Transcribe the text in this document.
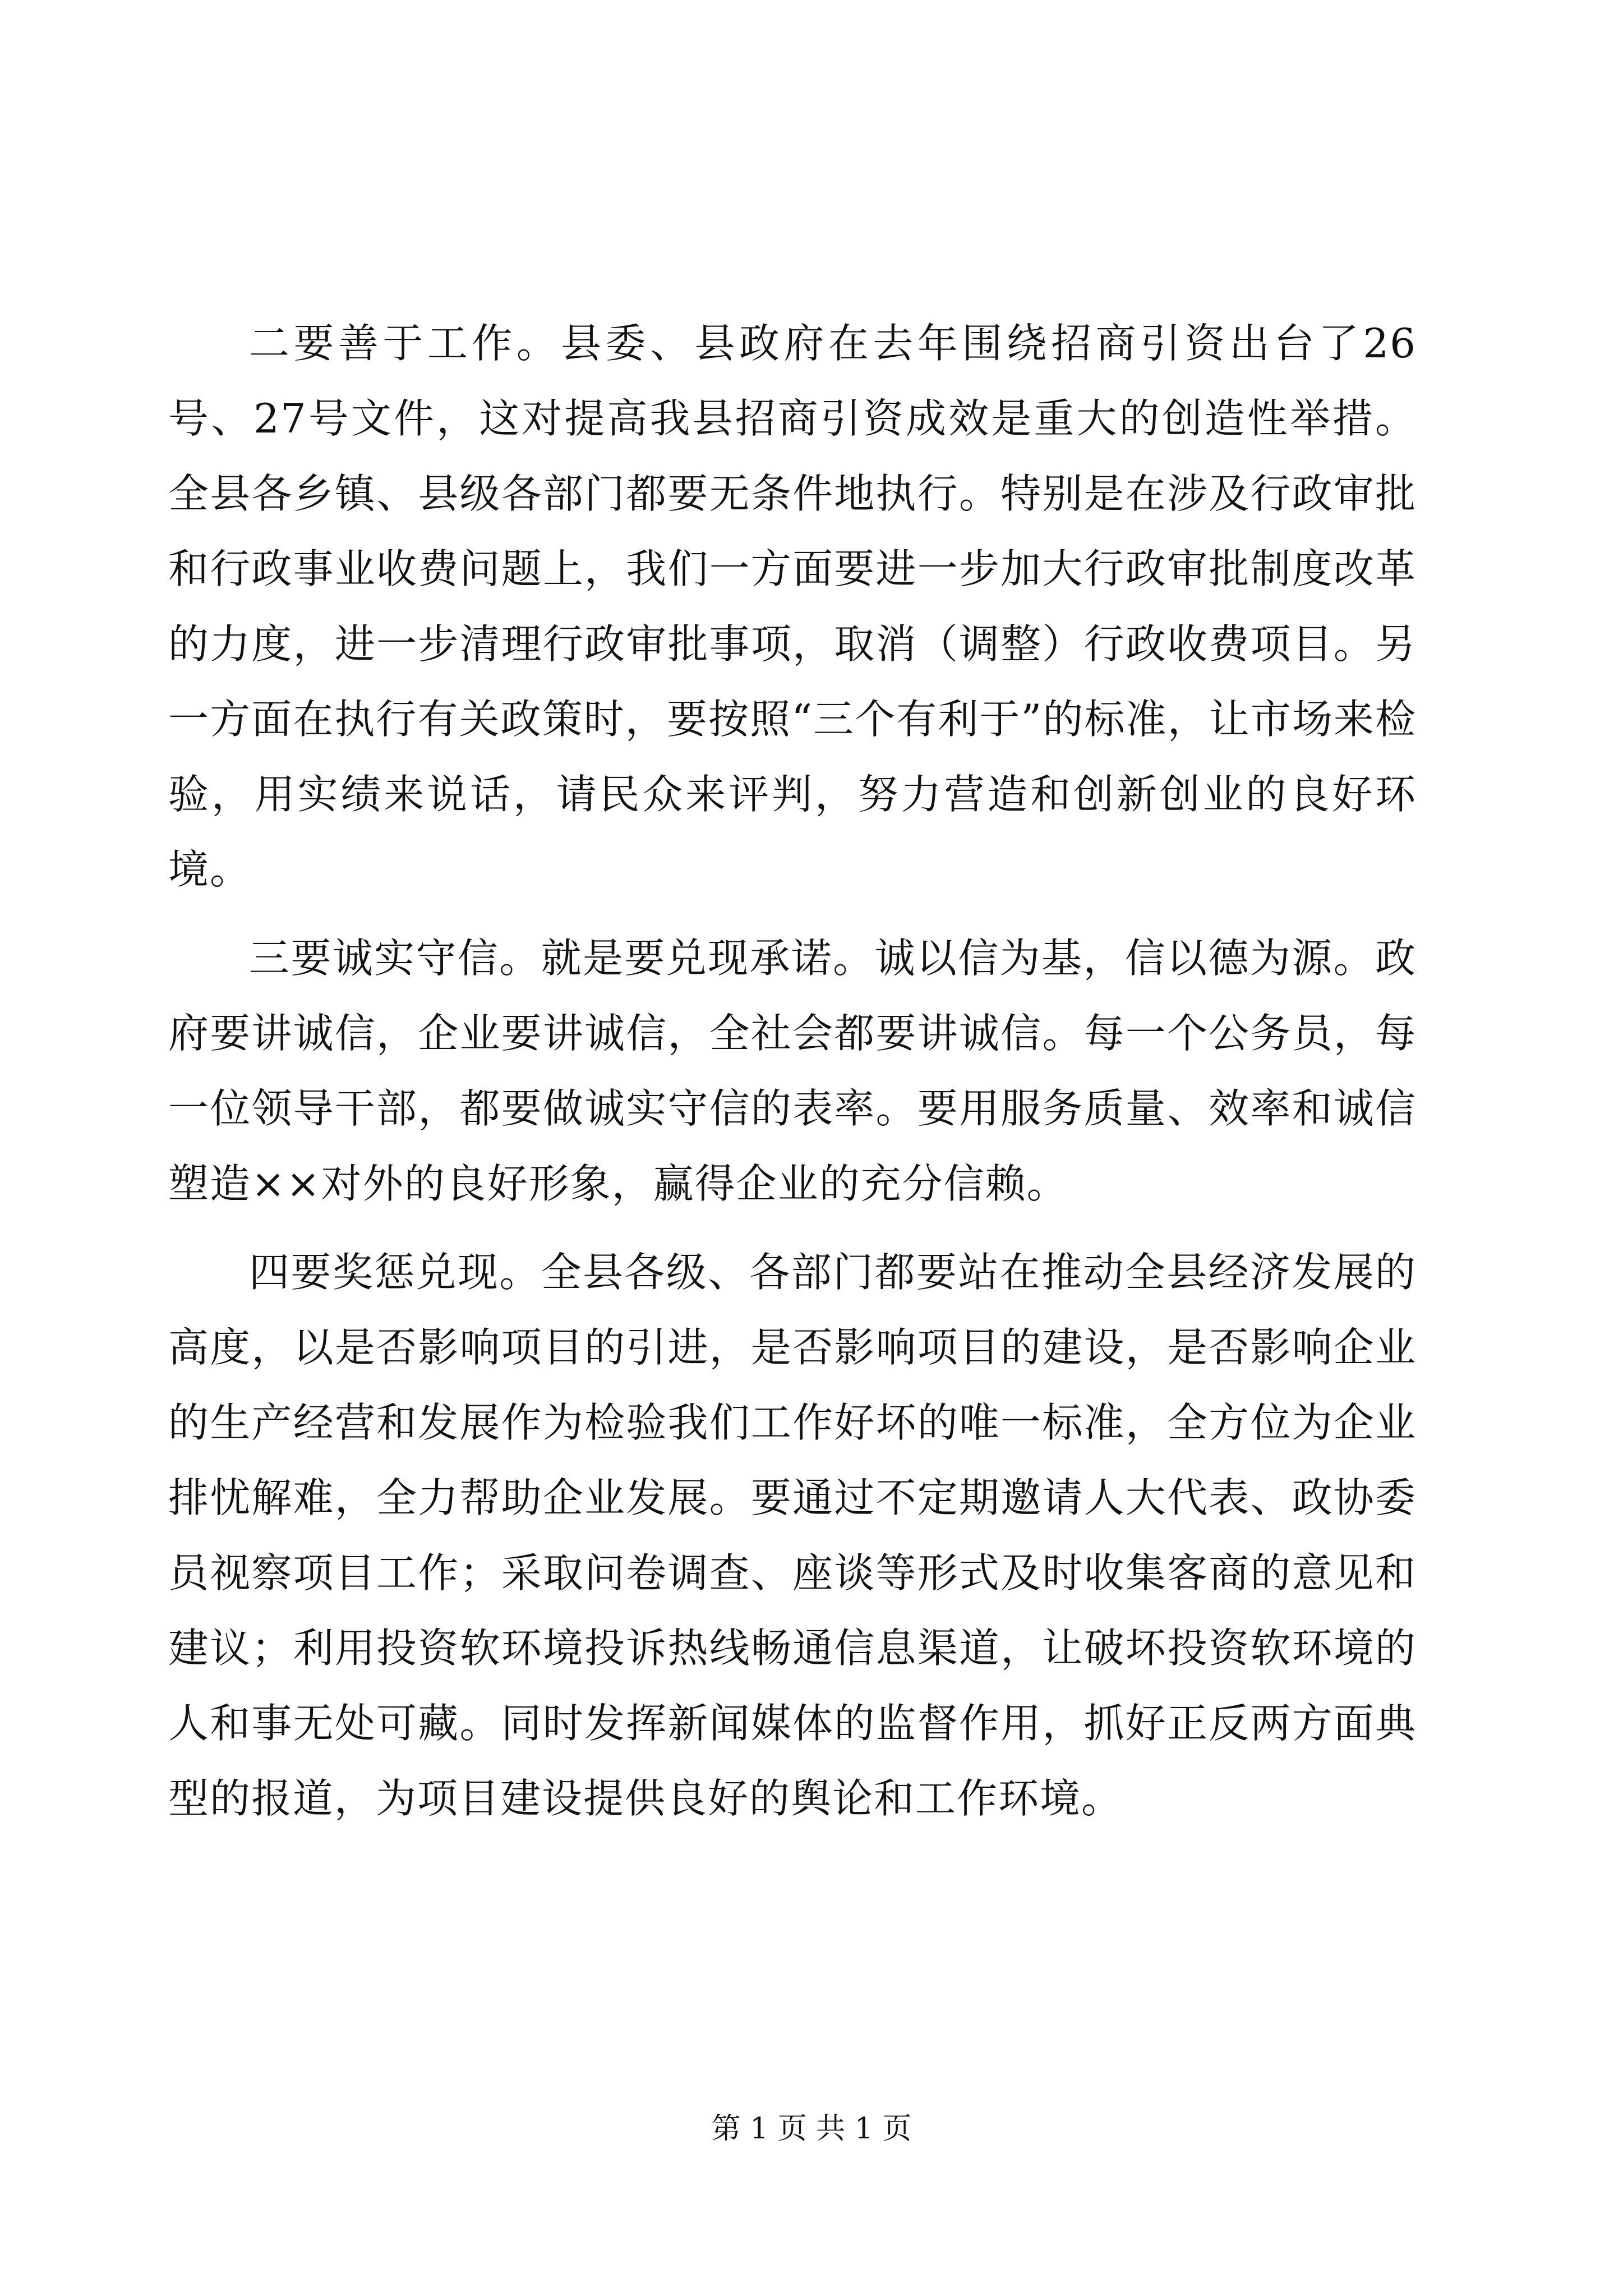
二要善于工作。县委、县政府在去年围绕招商引资出台了26号、27号文件，这对提高我县招商引资成效是重大的创造性举措。全县各乡镇、县级各部门都要无条件地执行。特别是在涉及行政审批和行政事业收费问题上，我们一方面要进一步加大行政审批制度改革的力度，进一步清理行政审批事项，取消（调整）行政收费项目。另一方面在执行有关政策时，要按照“三个有利于”的标准，让市场来检验，用实绩来说话，请民众来评判，努力营造和创新创业的良好环境。

三要诚实守信。就是要兑现承诺。诚以信为基，信以德为源。政府要讲诚信，企业要讲诚信，全社会都要讲诚信。每一个公务员，每一位领导干部，都要做诚实守信的表率。要用服务质量、效率和诚信塑造××对外的良好形象，赢得企业的充分信赖。

四要奖惩兑现。全县各级、各部门都要站在推动全县经济发展的高度，以是否影响项目的引进，是否影响项目的建设，是否影响企业的生产经营和发展作为检验我们工作好坏的唯一标准，全方位为企业排忧解难，全力帮助企业发展。要通过不定期邀请人大代表、政协委员视察项目工作；采取问卷调查、座谈等形式及时收集客商的意见和建议；利用投资软环境投诉热线畅通信息渠道，让破坏投资软环境的人和事无处可藏。同时发挥新闻媒体的监督作用，抓好正反两方面典型的报道，为项目建设提供良好的舆论和工作环境。

第 1 页 共 1 页
